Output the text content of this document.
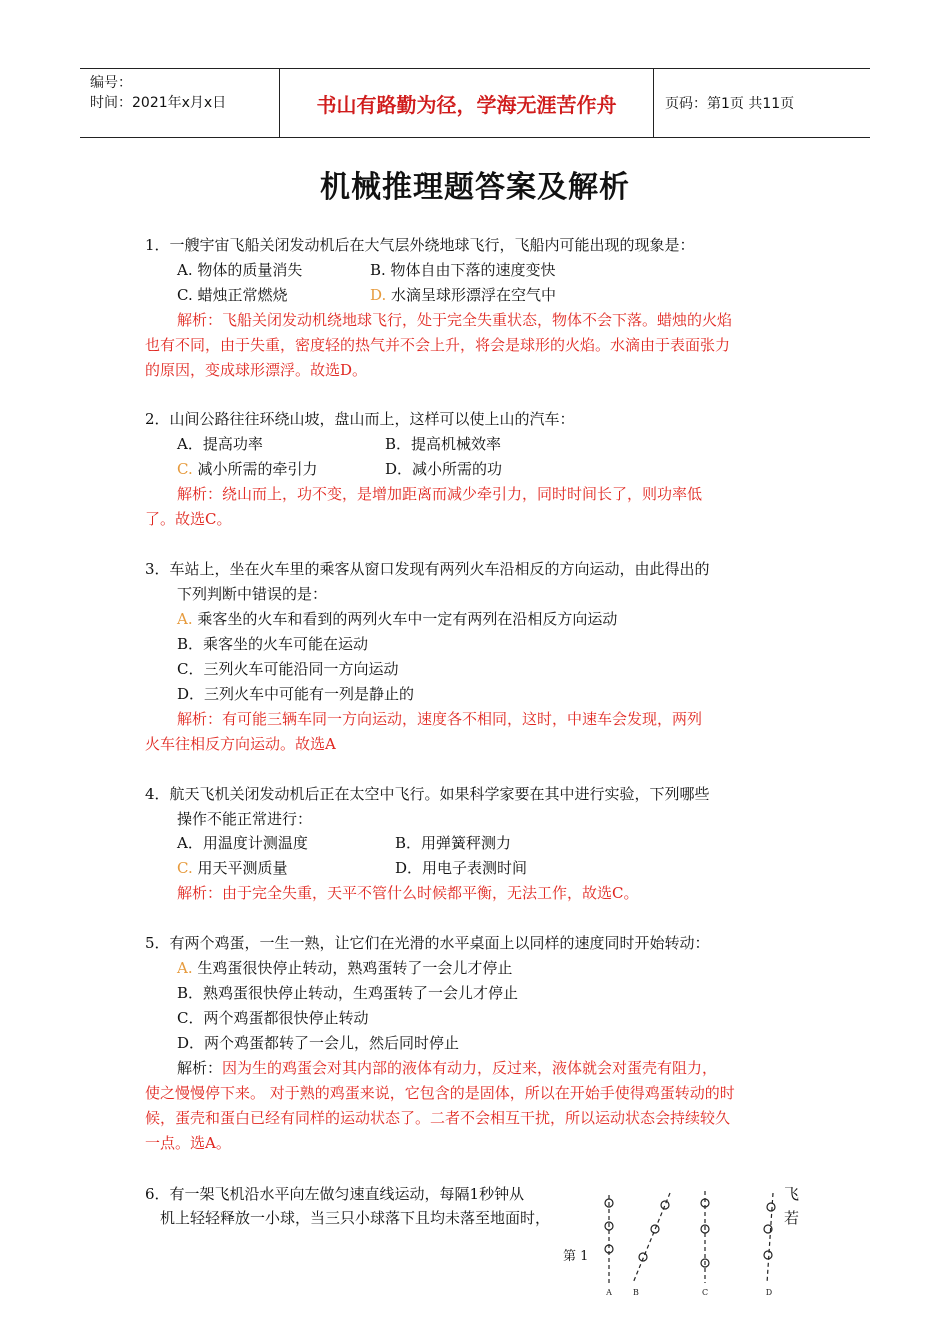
编号：
时间：2021年x月x日	书山有路勤为径，学海无涯苦作舟	页码：第1页 共11页
机械推理题答案及解析
1．一艘宇宙飞船关闭发动机后在大气层外绕地球飞行，飞船内可能出现的现象是：
A. 物体的质量消失	B. 物体自由下落的速度变快
C. 蜡烛正常燃烧	D. 水滴呈球形漂浮在空气中
解析：飞船关闭发动机绕地球飞行，处于完全失重状态，物体不会下落。蜡烛的火焰
也有不同，由于失重，密度轻的热气并不会上升，将会是球形的火焰。水滴由于表面张力
的原因，变成球形漂浮。故选D。
2．山间公路往往环绕山坡，盘山而上，这样可以使上山的汽车：
A．提高功率	B．提高机械效率
C. 减小所需的牵引力	D．减小所需的功
解析：绕山而上，功不变，是增加距离而减少牵引力，同时时间长了，则功率低
了。故选C。
3．车站上，坐在火车里的乘客从窗口发现有两列火车沿相反的方向运动，由此得出的
下列判断中错误的是：
A. 乘客坐的火车和看到的两列火车中一定有两列在沿相反方向运动
B．乘客坐的火车可能在运动
C．三列火车可能沿同一方向运动
D．三列火车中可能有一列是静止的
解析：有可能三辆车同一方向运动，速度各不相同，这时，中速车会发现，两列
火车往相反方向运动。故选A
4．航天飞机关闭发动机后正在太空中飞行。如果科学家要在其中进行实验，下列哪些
操作不能正常进行：
A．用温度计测温度	B．用弹簧秤测力
C. 用天平测质量	D．用电子表测时间
解析：由于完全失重，天平不管什么时候都平衡，无法工作，故选C。
5．有两个鸡蛋，一生一熟，让它们在光滑的水平桌面上以同样的速度同时开始转动：
A. 生鸡蛋很快停止转动，熟鸡蛋转了一会儿才停止
B．熟鸡蛋很快停止转动，生鸡蛋转了一会儿才停止
C．两个鸡蛋都很快停止转动
D．两个鸡蛋都转了一会儿，然后同时停止
解析：因为生的鸡蛋会对其内部的液体有动力，反过来，液体就会对蛋壳有阻力，
使之慢慢停下来。 对于熟的鸡蛋来说，它包含的是固体，所以在开始手使得鸡蛋转动的时
候，蛋壳和蛋白已经有同样的运动状态了。二者不会相互干扰，所以运动状态会持续较久
一点。选A。
6．有一架飞机沿水平向左做匀速直线运动，每隔1秒钟从	飞
机上轻轻释放一小球，当三只小球落下且均未落至地面时，	若
A	B	C	D
第 1
